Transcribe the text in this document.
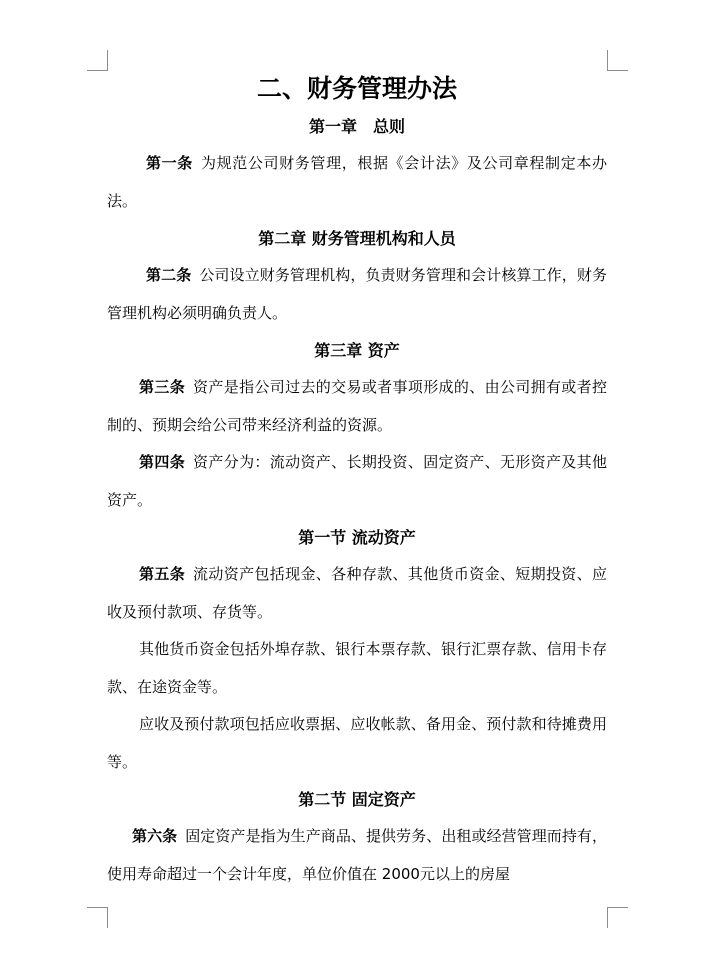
二、财务管理办法
第一章 总则

第一条 为规范公司财务管理，根据《会计法》及公司章程制定本办法。

第二章 财务管理机构和人员

第二条 公司设立财务管理机构，负责财务管理和会计核算工作，财务管理机构必须明确负责人。

第三章 资产

第三条 资产是指公司过去的交易或者事项形成的、由公司拥有或者控制的、预期会给公司带来经济利益的资源。

第四条 资产分为：流动资产、长期投资、固定资产、无形资产及其他资产。

第一节 流动资产

第五条 流动资产包括现金、各种存款、其他货币资金、短期投资、应收及预付款项、存货等。

其他货币资金包括外埠存款、银行本票存款、银行汇票存款、信用卡存款、在途资金等。

应收及预付款项包括应收票据、应收帐款、备用金、预付款和待摊费用等。

第二节 固定资产

第六条 固定资产是指为生产商品、提供劳务、出租或经营管理而持有，使用寿命超过一个会计年度，单位价值在 2000元以上的房屋
